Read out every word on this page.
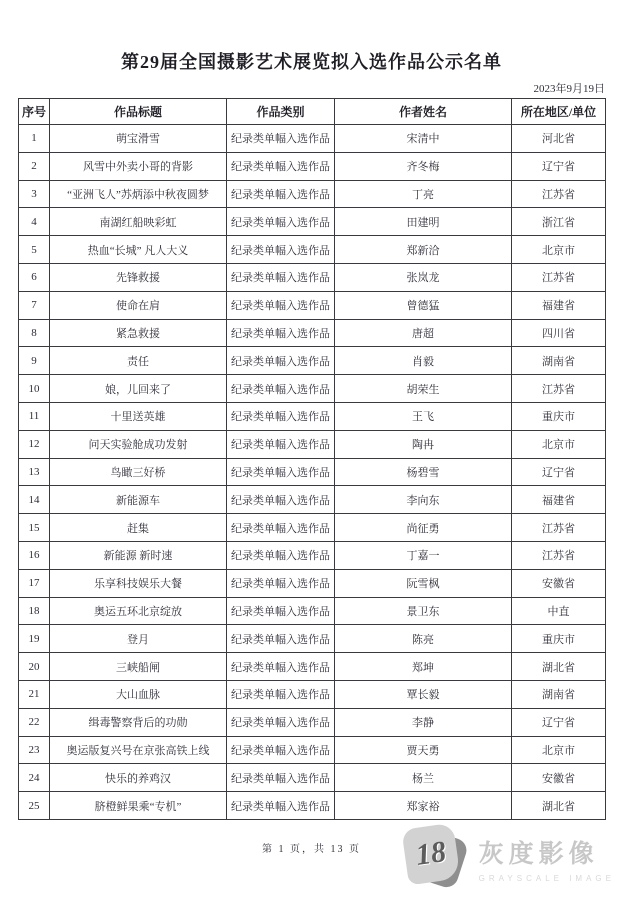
第29届全国摄影艺术展览拟入选作品公示名单
2023年9月19日
序号	作品标题	作品类别	作者姓名	所在地区/单位
1	萌宝滑雪	纪录类单幅入选作品	宋清中	河北省
2	风雪中外卖小哥的背影	纪录类单幅入选作品	齐冬梅	辽宁省
3	“亚洲飞人”苏炳添中秋夜圆梦	纪录类单幅入选作品	丁亮	江苏省
4	南湖红船映彩虹	纪录类单幅入选作品	田建明	浙江省
5	热血“长城” 凡人大义	纪录类单幅入选作品	郑新洽	北京市
6	先锋救援	纪录类单幅入选作品	张岚龙	江苏省
7	使命在肩	纪录类单幅入选作品	曾德猛	福建省
8	紧急救援	纪录类单幅入选作品	唐超	四川省
9	责任	纪录类单幅入选作品	肖毅	湖南省
10	娘，儿回来了	纪录类单幅入选作品	胡荣生	江苏省
11	十里送英雄	纪录类单幅入选作品	王飞	重庆市
12	问天实验舱成功发射	纪录类单幅入选作品	陶冉	北京市
13	鸟瞰三好桥	纪录类单幅入选作品	杨碧雪	辽宁省
14	新能源车	纪录类单幅入选作品	李向东	福建省
15	赶集	纪录类单幅入选作品	尚征勇	江苏省
16	新能源 新时速	纪录类单幅入选作品	丁嘉一	江苏省
17	乐享科技娱乐大餐	纪录类单幅入选作品	阮雪枫	安徽省
18	奥运五环北京绽放	纪录类单幅入选作品	景卫东	中直
19	登月	纪录类单幅入选作品	陈亮	重庆市
20	三峡船闸	纪录类单幅入选作品	郑坤	湖北省
21	大山血脉	纪录类单幅入选作品	覃长毅	湖南省
22	缉毒警察背后的功勋	纪录类单幅入选作品	李静	辽宁省
23	奥运版复兴号在京张高铁上线	纪录类单幅入选作品	贾天勇	北京市
24	快乐的养鸡汉	纪录类单幅入选作品	杨兰	安徽省
25	脐橙鲜果乘“专机”	纪录类单幅入选作品	郑家裕	湖北省
第 1 页，共 13 页	18 灰度影像
GRAYSCALE IMAGE
